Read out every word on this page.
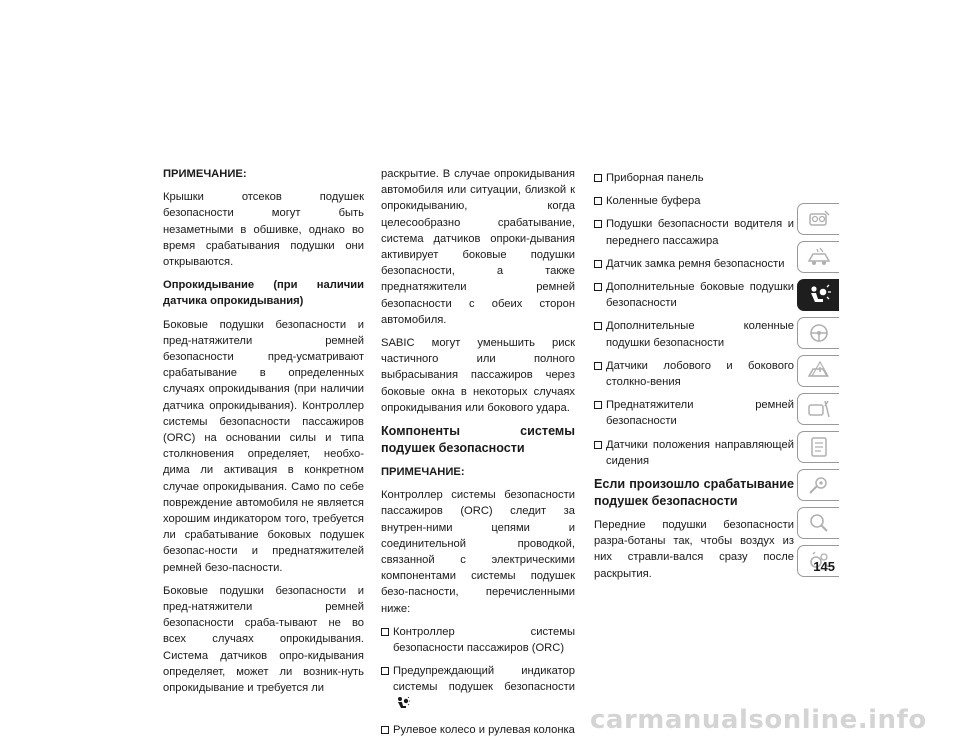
ПРИМЕЧАНИЕ:

Крышки отсеков подушек безопасности могут быть незаметными в обшивке, однако во время срабатывания подушки они открываются.

Опрокидывание (при наличии датчика опрокидывания)

Боковые подушки безопасности и пред-натяжители ремней безопасности пред-усматривают срабатывание в определенных случаях опрокидывания (при наличии датчика опрокидывания). Контроллер системы безопасности пассажиров (ORC) на основании силы и типа столкновения определяет, необхо-дима ли активация в конкретном случае опрокидывания. Само по себе повреждение автомобиля не является хорошим индикатором того, требуется ли срабатывание боковых подушек безопас-ности и преднатяжителей ремней безо-пасности.

Боковые подушки безопасности и пред-натяжители ремней безопасности сраба-тывают не во всех случаях опрокидывания. Система датчиков опро-кидывания определяет, может ли возник-нуть опрокидывание и требуется ли

раскрытие. В случае опрокидывания автомобиля или ситуации, близкой к опрокидыванию, когда целесообразно срабатывание, система датчиков опроки-дывания активирует боковые подушки безопасности, а также преднатяжители ремней безопасности с обеих сторон автомобиля.

SABIC могут уменьшить риск частичного или полного выбрасывания пассажиров через боковые окна в некоторых случаях опрокидывания или бокового удара.

Компоненты системы подушек безопасности

ПРИМЕЧАНИЕ:

Контроллер системы безопасности пассажиров (ORC) следит за внутрен-ними цепями и соединительной проводкой, связанной с электрическими компонентами системы подушек безо-пасности, перечисленными ниже:

Контроллер системы безопасности пассажиров (ORC)
Предупреждающий индикатор системы подушек безопасности
Рулевое колесо и рулевая колонка
Приборная панель
Коленные буфера
Подушки безопасности водителя и переднего пассажира
Датчик замка ремня безопасности
Дополнительные боковые подушки безопасности
Дополнительные коленные подушки безопасности
Датчики лобового и бокового столкно-вения
Преднатяжители ремней безопасности
Датчики положения направляющей сидения

Если произошло срабатывание подушек безопасности

Передние подушки безопасности разра-ботаны так, чтобы воздух из них стравли-вался сразу после раскрытия.	145
carmanualsonline.info
